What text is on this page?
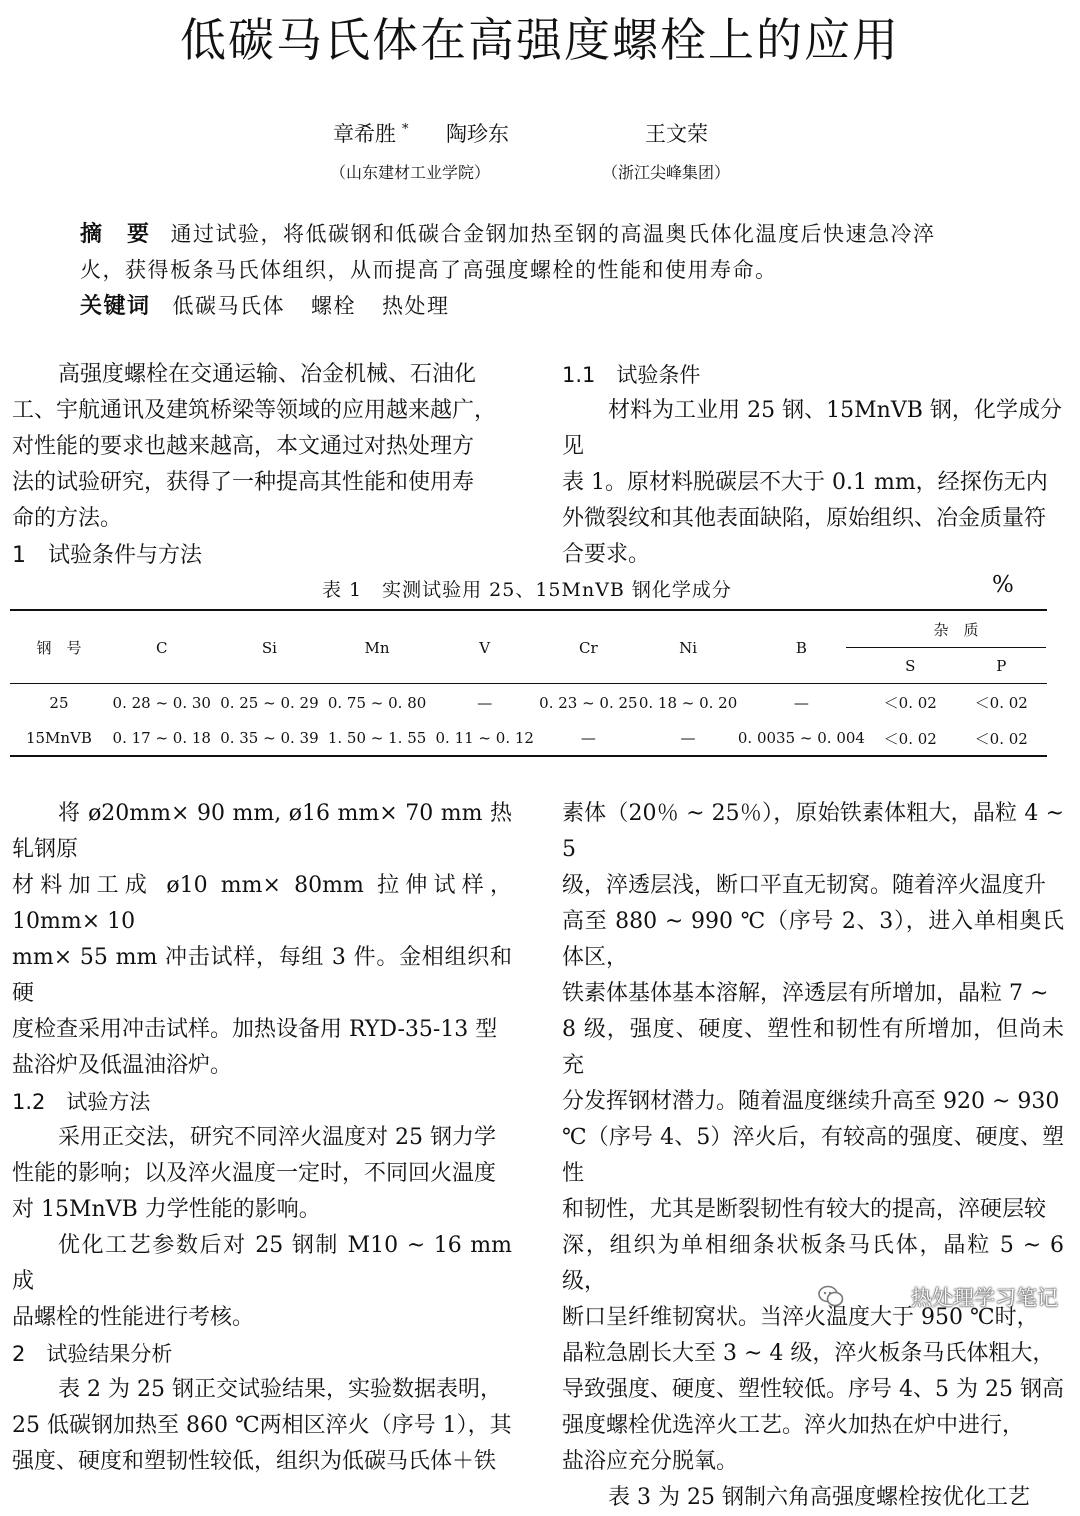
低碳马氏体在高强度螺栓上的应用
章希胜 * 陶珍东	王文荣
（山东建材工业学院）	（浙江尖峰集团）
摘　要 通过试验，将低碳钢和低碳合金钢加热至钢的高温奥氏体化温度后快速急冷淬
火，获得板条马氏体组织，从而提高了高强度螺栓的性能和使用寿命。
关键词 低碳马氏体 螺栓 热处理

高强度螺栓在交通运输、冶金机械、石油化

工、宇航通讯及建筑桥梁等领域的应用越来越广，

对性能的要求也越来越高，本文通过对热处理方

法的试验研究，获得了一种提高其性能和使用寿

命的方法。

1　试验条件与方法
1.1　试验条件

材料为工业用 25 钢、15MnVB 钢，化学成分见

表 1。原材料脱碳层不大于 0.1 mm，经探伤无内

外微裂纹和其他表面缺陷，原始组织、冶金质量符

合要求。

表 1　实测试验用 25、15MnVB 钢化学成分	%
钢　号	C	Si	Mn	V	Cr	Ni	B	杂　质	
								S	P
25	0. 28 ~ 0. 30	0. 25 ~ 0. 29	0. 75 ~ 0. 80	—	0. 23 ~ 0. 25	0. 18 ~ 0. 20	—	＜0. 02	＜0. 02
15MnVB	0. 17 ~ 0. 18	0. 35 ~ 0. 39	1. 50 ~ 1. 55	0. 11 ~ 0. 12	—	—	0. 0035 ~ 0. 004	＜0. 02	＜0. 02

将 ø20mm× 90 mm, ø16 mm× 70 mm 热轧钢原

材料加工成 ø10 mm× 80mm 拉伸试样，10mm× 10

mm× 55 mm 冲击试样，每组 3 件。金相组织和硬

度检查采用冲击试样。加热设备用 RYD-35-13 型

盐浴炉及低温油浴炉。

1.2　试验方法

采用正交法，研究不同淬火温度对 25 钢力学

性能的影响；以及淬火温度一定时，不同回火温度

对 15MnVB 力学性能的影响。

优化工艺参数后对 25 钢制 M10 ~ 16 mm 成

品螺栓的性能进行考核。

2　试验结果分析

表 2 为 25 钢正交试验结果，实验数据表明，

25 低碳钢加热至 860 ℃两相区淬火（序号 1），其

强度、硬度和塑韧性较低，组织为低碳马氏体＋铁

素体（20％ ~ 25％），原始铁素体粗大，晶粒 4 ~ 5

级，淬透层浅，断口平直无韧窝。随着淬火温度升

高至 880 ~ 990 ℃（序号 2、3），进入单相奥氏体区，

铁素体基体基本溶解，淬透层有所增加，晶粒 7 ~

8 级，强度、硬度、塑性和韧性有所增加，但尚未充

分发挥钢材潜力。随着温度继续升高至 920 ~ 930

℃（序号 4、5）淬火后，有较高的强度、硬度、塑性

和韧性，尤其是断裂韧性有较大的提高，淬硬层较

深，组织为单相细条状板条马氏体，晶粒 5 ~ 6 级，

断口呈纤维韧窝状。当淬火温度大于 950 ℃时，

晶粒急剧长大至 3 ~ 4 级，淬火板条马氏体粗大，

导致强度、硬度、塑性较低。序号 4、5 为 25 钢高

强度螺栓优选淬火工艺。淬火加热在炉中进行，

盐浴应充分脱氧。

表 3 为 25 钢制六角高强度螺栓按优化工艺

热处理学习笔记
